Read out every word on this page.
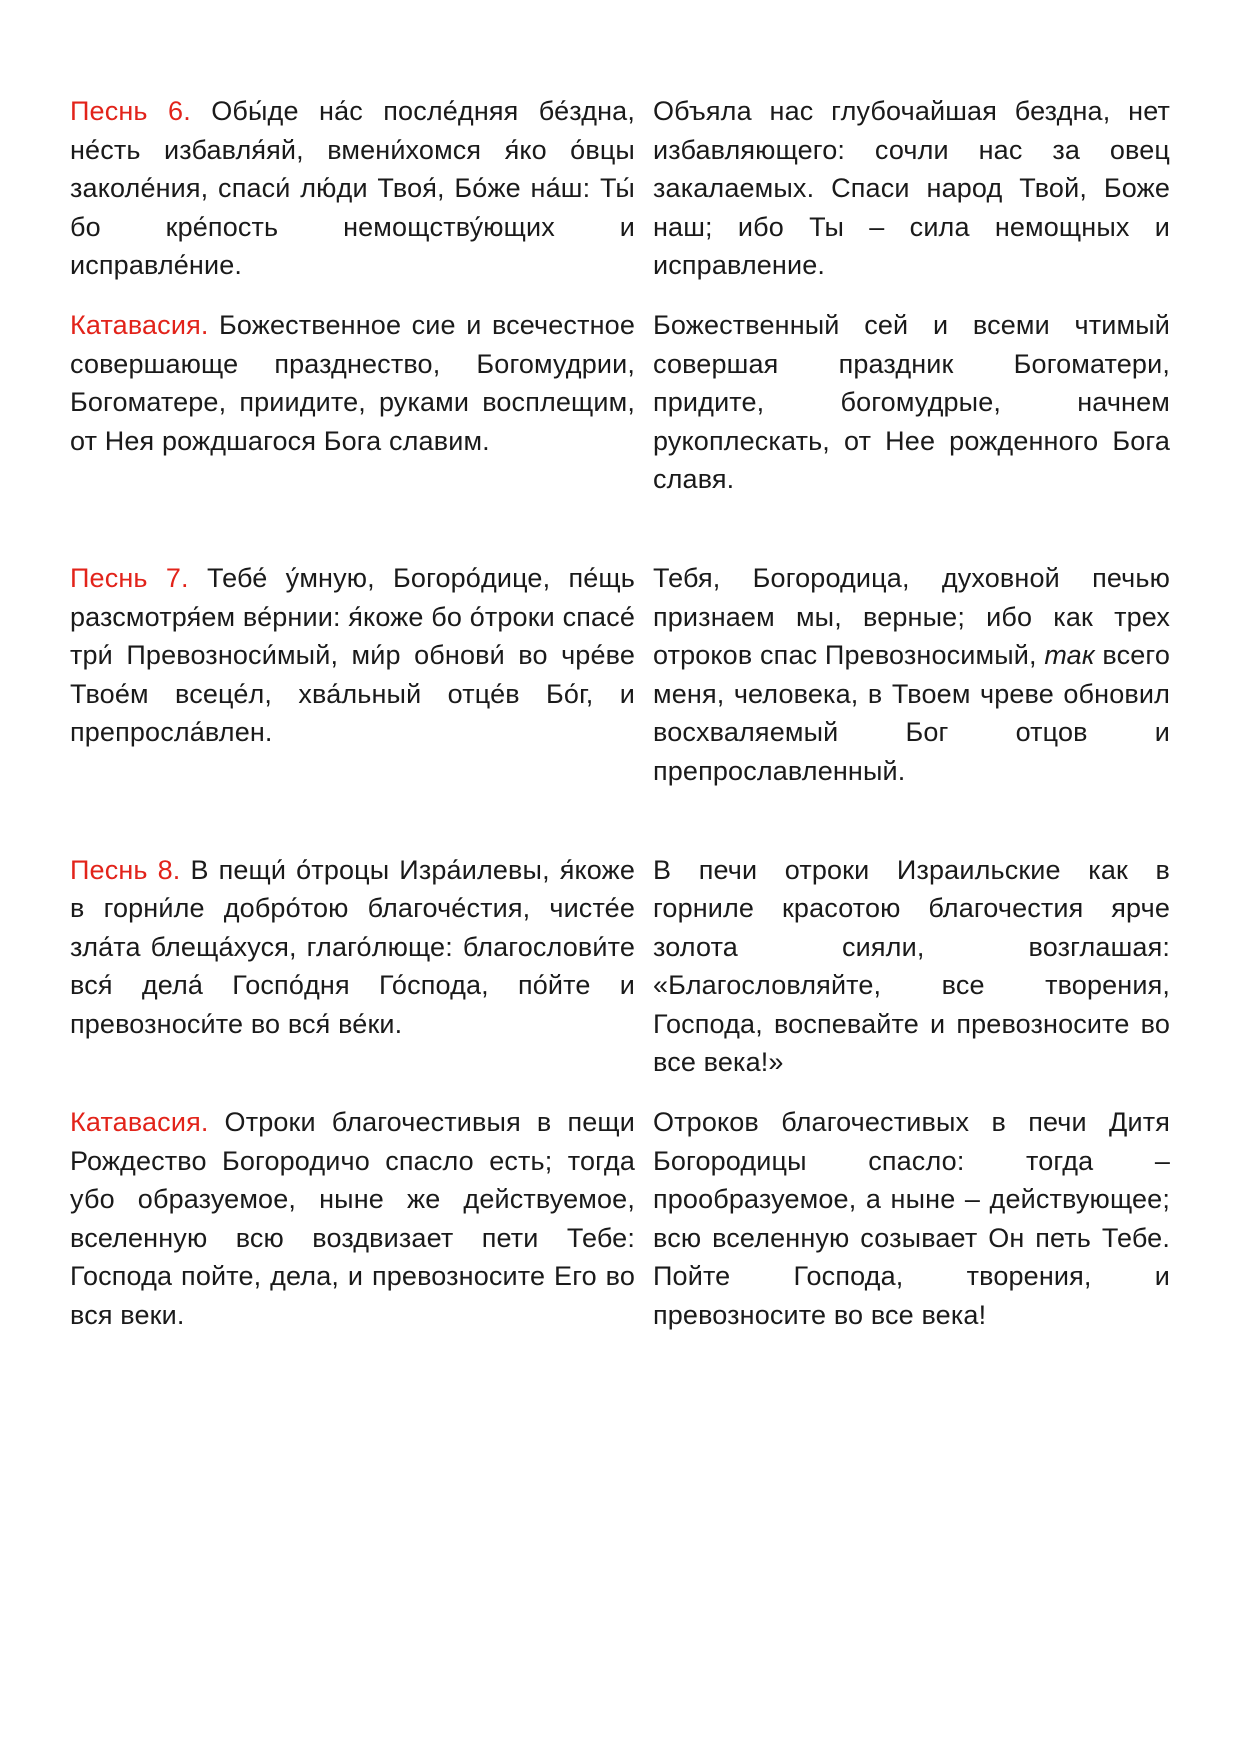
Песнь 6. Обы́де на́с после́дняя бе́здна, не́сть избавля́яй, вмени́хомся я́ко о́вцы заколе́ния, спаси́ лю́ди Твоя́, Бо́же на́ш: Ты́ бо кре́пость немощству́ющих и исправле́ние.
Объяла нас глубочайшая бездна, нет избавляющего: сочли нас за овец закалаемых. Спаси народ Твой, Боже наш; ибо Ты – сила немощных и исправление.
Катавасия. Божественное сие и всечестное совершающе празднество, Богомудрии, Богоматере, приидите, руками восплещим, от Нея рождшагося Бога славим.
Божественный сей и всеми чтимый совершая праздник Богоматери, придите, богомудрые, начнем рукоплескать, от Нее рожденного Бога славя.
Песнь 7. Тебе́ у́мную, Богоро́дице, пе́щь разсмотря́ем ве́рнии: я́коже бо о́троки спасе́ три́ Превозноси́мый, ми́р обнови́ во чре́ве Твое́м всеце́л, хва́льный отце́в Бо́г, и препросла́влен.
Тебя, Богородица, духовной печью признаем мы, верные; ибо как трех отроков спас Превозносимый, так всего меня, человека, в Твоем чреве обновил восхваляемый Бог отцов и препрославленный.
Песнь 8. В пещи́ о́троцы Изра́илевы, я́коже в горни́ле добро́тою благоче́стия, чисте́е зла́та блеща́хуся, глаго́люще: благослови́те вся́ дела́ Госпо́дня Го́спода, по́йте и превозноси́те во вся́ ве́ки.
В печи отроки Израильские как в горниле красотою благочестия ярче золота сияли, возглашая: «Благословляйте, все творения, Господа, воспевайте и превозносите во все века!»
Катавасия. Отроки благочестивыя в пещи Рождество Богородичо спасло есть; тогда убо образуемое, ныне же действуемое, вселенную всю воздвизает пети Тебе: Господа пойте, дела, и превозносите Его во вся веки.
Отроков благочестивых в печи Дитя Богородицы спасло: тогда – прообразуемое, а ныне – действующее; всю вселенную созывает Он петь Тебе. Пойте Господа, творения, и превозносите во все века!
